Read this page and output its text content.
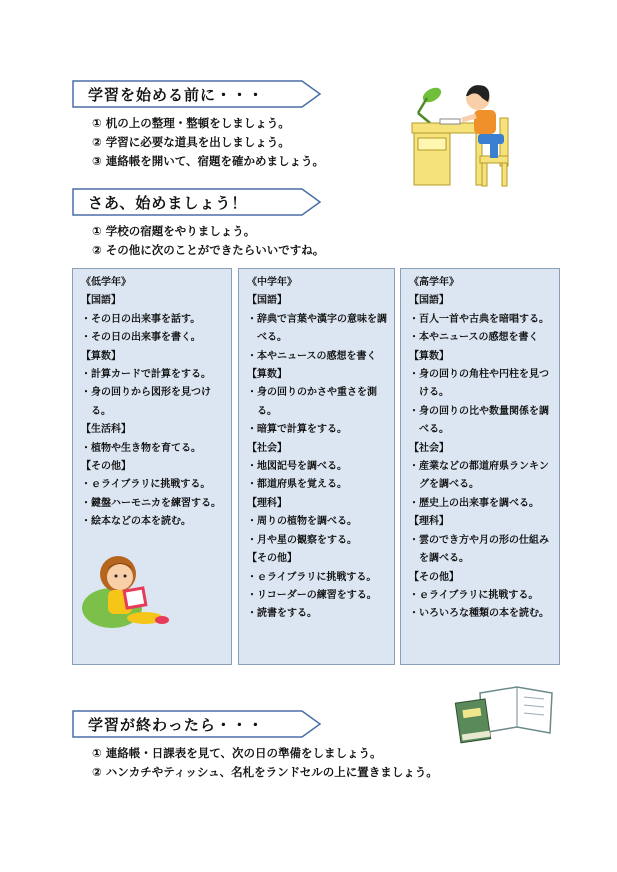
学習を始める前に・・・
① 机の上の整理・整頓をしましょう。
② 学習に必要な道具を出しましょう。
③ 連絡帳を開いて、宿題を確かめましょう。
さあ、始めましょう！
① 学校の宿題をやりましょう。
② その他に次のことができたらいいですね。
《低学年》
【国語】
・その日の出来事を話す。
・その日の出来事を書く。
【算数】
・計算カードで計算をする。
・身の回りから図形を見つける。
【生活科】
・植物や生き物を育てる。
【その他】
・ｅライブラリに挑戦する。
・鍵盤ハーモニカを練習する。
・絵本などの本を読む。
《中学年》
【国語】
・辞典で言葉や漢字の意味を調べる。
・本やニュースの感想を書く
【算数】
・身の回りのかさや重さを測る。
・暗算で計算をする。
【社会】
・地図記号を調べる。
・都道府県を覚える。
【理科】
・周りの植物を調べる。
・月や星の観察をする。
【その他】
・ｅライブラリに挑戦する。
・リコーダーの練習をする。
・読書をする。
《高学年》
【国語】
・百人一首や古典を暗唱する。
・本やニュースの感想を書く
【算数】
・身の回りの角柱や円柱を見つける。
・身の回りの比や数量関係を調べる。
【社会】
・産業などの都道府県ランキングを調べる。
・歴史上の出来事を調べる。
【理科】
・雲のでき方や月の形の仕組みを調べる。
【その他】
・ｅライブラリに挑戦する。
・いろいろな種類の本を読む。
学習が終わったら・・・
① 連絡帳・日課表を見て、次の日の準備をしましょう。
② ハンカチやティッシュ、名札をランドセルの上に置きましょう。
